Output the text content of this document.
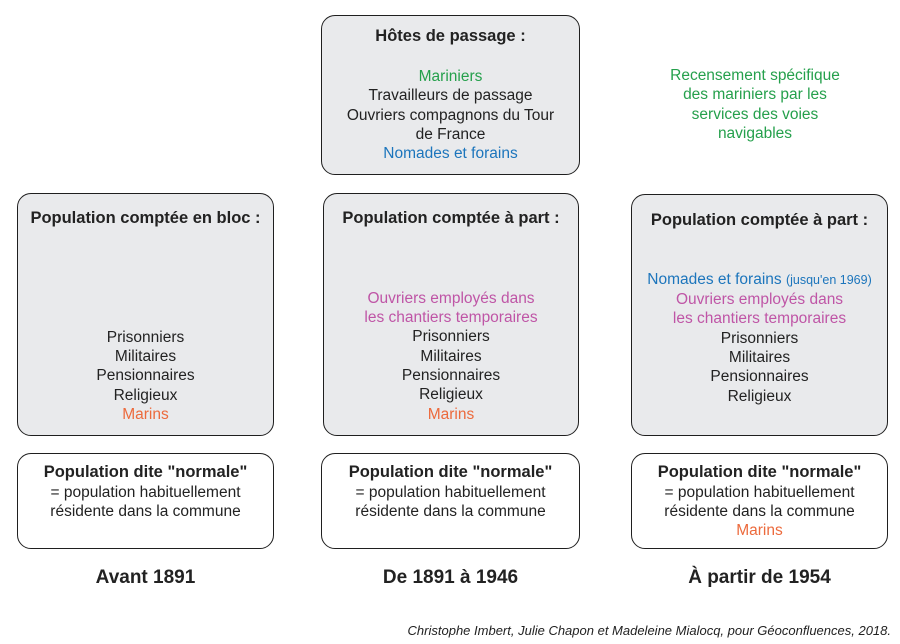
Hôtes de passage :
Mariniers
Travailleurs de passage
Ouvriers compagnons du Tour de France
Nomades et forains
Recensement spécifique des mariniers par les services des voies navigables
Population comptée en bloc :
Prisonniers
Militaires
Pensionnaires
Religieux
Marins
Population comptée à part :
Ouvriers employés dans les chantiers temporaires
Prisonniers
Militaires
Pensionnaires
Religieux
Marins
Population comptée à part :
Nomades et forains (jusqu'en 1969)
Ouvriers employés dans les chantiers temporaires
Prisonniers
Militaires
Pensionnaires
Religieux
Population dite "normale"
= population habituellement résidente dans la commune
Population dite "normale"
= population habituellement résidente dans la commune
Population dite "normale"
= population habituellement résidente dans la commune
Marins
Avant 1891	De 1891 à 1946	À partir de 1954
Christophe Imbert, Julie Chapon et Madeleine Mialocq, pour Géoconfluences, 2018.
